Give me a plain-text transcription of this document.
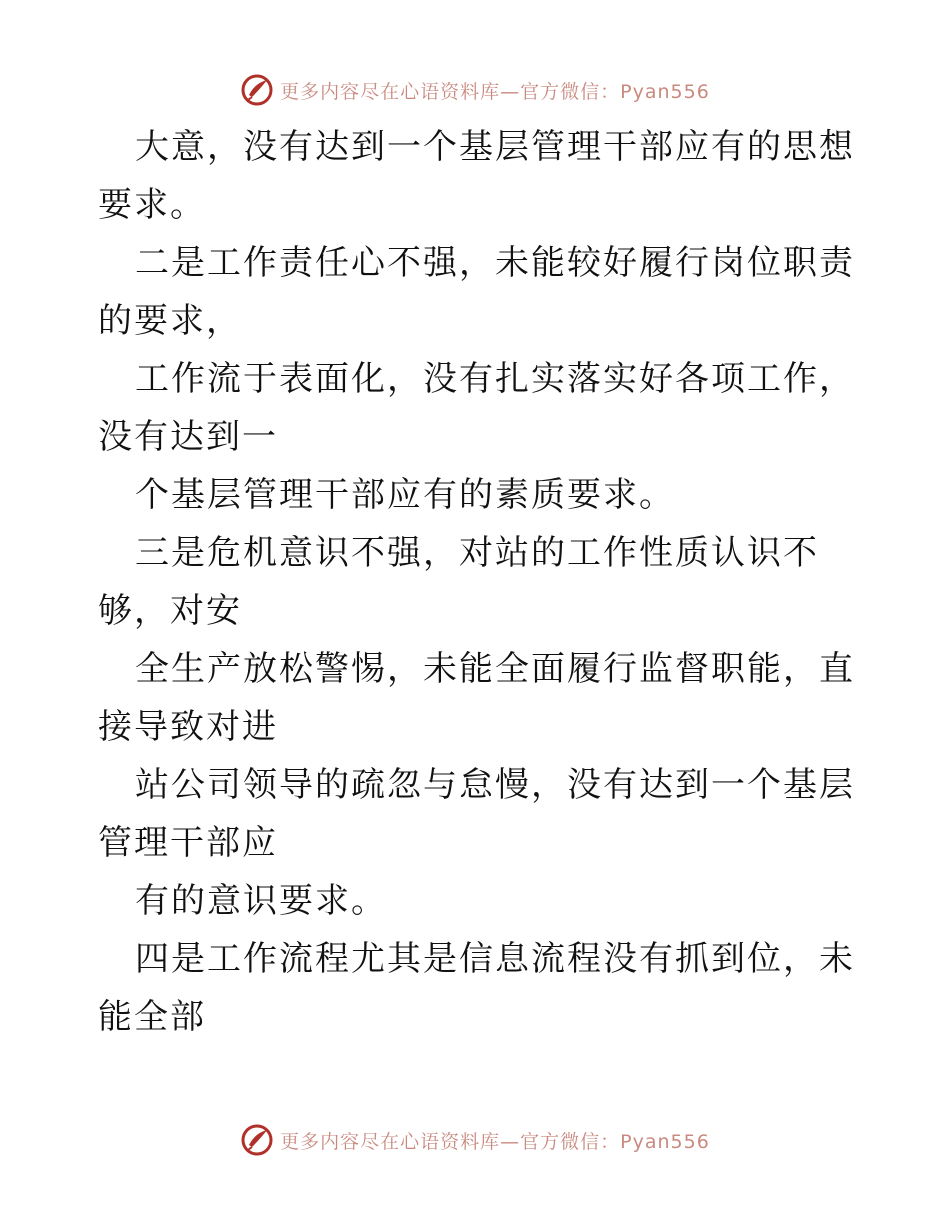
更多内容尽在心语资料库—官方微信：Pyan556

大意，没有达到一个基层管理干部应有的思想要求。

二是工作责任心不强，未能较好履行岗位职责的要求，

工作流于表面化，没有扎实落实好各项工作，没有达到一

个基层管理干部应有的素质要求。

三是危机意识不强，对站的工作性质认识不够，对安

全生产放松警惕，未能全面履行监督职能，直接导致对进

站公司领导的疏忽与怠慢，没有达到一个基层管理干部应

有的意识要求。

四是工作流程尤其是信息流程没有抓到位，未能全部

更多内容尽在心语资料库—官方微信：Pyan556
